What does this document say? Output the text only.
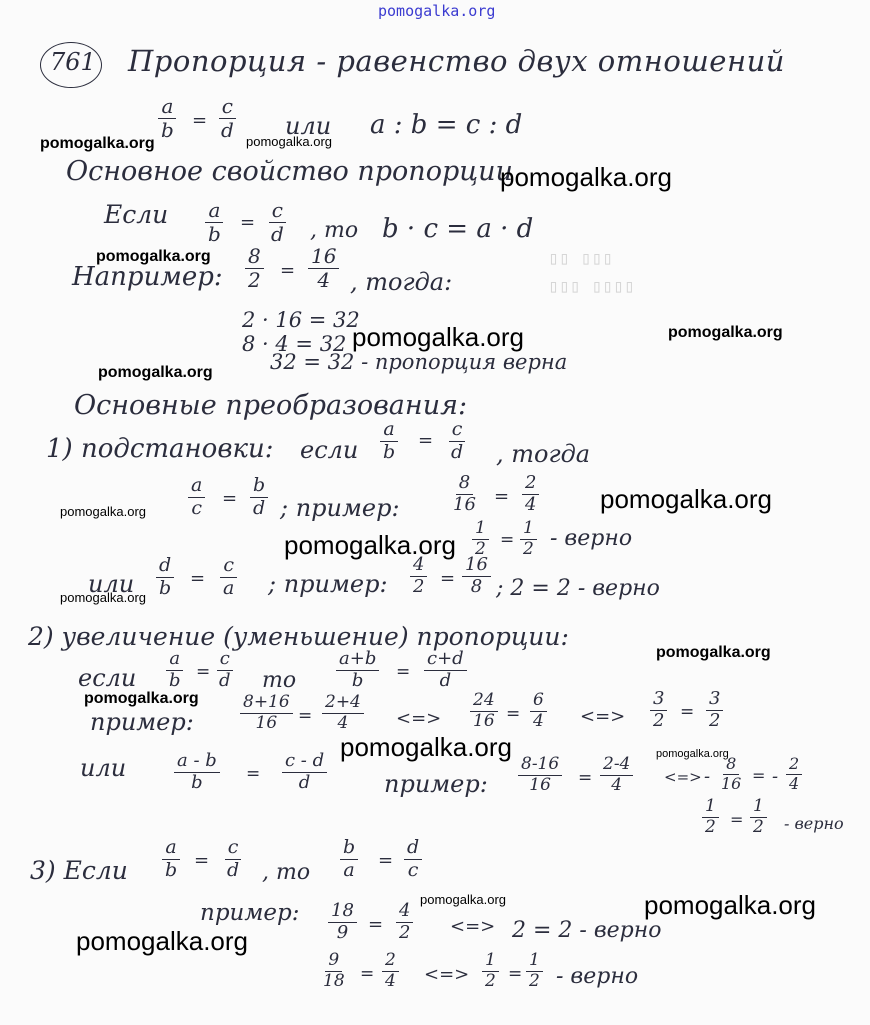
pomogalka.org
761 Пропорция - равенство двух отношений
$\frac{a}{b} = \frac{c}{d}$ или a : b = c : d
pomogalka.org	pomogalka.org
Основное свойство пропорции
pomogalka.org
Если $\frac{a}{b} = \frac{c}{d}$ , то b · c = a · d
pomogalka.org
Например: $\frac{8}{2} = \frac{16}{4}$ , тогда:
▯▯ ▯▯▯
▯▯▯ ▯▯▯▯
2 · 16 = 32
8 · 4 = 32
32 = 32 - пропорция верна
pomogalka.org	pomogalka.org
pomogalka.org
Основные преобразования:
1) подстановки: если $\frac{a}{b} = \frac{c}{d}$ , тогда
$\frac{a}{c} = \frac{b}{d}$ ; пример:	$\frac{8}{16} = \frac{2}{4}$ pomogalka.org
pomogalka.org
pomogalka.org $\frac{1}{2} = \frac{1}{2}$ - верно
или $\frac{d}{b} = \frac{c}{a}$ ; пример: $\frac{4}{2} = \frac{16}{8}$ ; 2 = 2 - верно
pomogalka.org
2) увеличение (уменьшение) пропорции:
pomogalka.org
если $\frac{a}{b} = \frac{c}{d}$ то $\frac{a+b}{b} = \frac{c+d}{d}$
pomogalka.org
пример:	$\frac{8+16}{16} = \frac{2+4}{4}$ <=> $\frac{24}{16} = \frac{6}{4}$ <=> $\frac{3}{2} = \frac{3}{2}$
pomogalka.org
или	$\frac{a - b}{b} = \frac{c - d}{d}$ пример: $\frac{8-16}{16} = \frac{2-4}{4}$
pomogalka.org
<=> - $\frac{8}{16}$ = - $\frac{2}{4}$
$\frac{1}{2} = \frac{1}{2}$ - верно
3) Если $\frac{a}{b} = \frac{c}{d}$ , то $\frac{b}{a} = \frac{d}{c}$
pomogalka.org	pomogalka.org
пример: $\frac{18}{9} = \frac{4}{2}$ <=> 2 = 2 - верно
pomogalka.org
$\frac{9}{18} = \frac{2}{4}$ <=> $\frac{1}{2} = \frac{1}{2}$ - верно
